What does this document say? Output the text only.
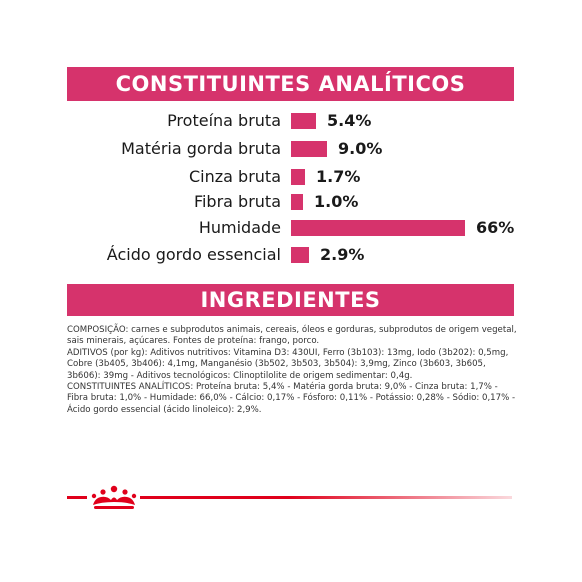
CONSTITUINTES ANALÍTICOS
Proteína bruta	5.4%
Matéria gorda bruta	9.0%
Cinza bruta 1.7%
Fibra bruta 1.0%
Humidade	66%
Ácido gordo essencial 2.9%
INGREDIENTES

COMPOSIÇÃO: carnes e subprodutos animais, cereais, óleos e gorduras, subprodutos de origem vegetal, sais minerais, açúcares. Fontes de proteína: frango, porco.

ADITIVOS (por kg): Aditivos nutritivos: Vitamina D3: 430UI, Ferro (3b103): 13mg, Iodo (3b202): 0,5mg, Cobre (3b405, 3b406): 4,1mg, Manganésio (3b502, 3b503, 3b504): 3,9mg, Zinco (3b603, 3b605, 3b606): 39mg - Aditivos tecnológicos: Clinoptilolite de origem sedimentar: 0,4g.

CONSTITUINTES ANALÍTICOS: Proteína bruta: 5,4% - Matéria gorda bruta: 9,0% - Cinza bruta: 1,7% - Fibra bruta: 1,0% - Humidade: 66,0% - Cálcio: 0,17% - Fósforo: 0,11% - Potássio: 0,28% - Sódio: 0,17% - Ácido gordo essencial (ácido linoleico): 2,9%.
